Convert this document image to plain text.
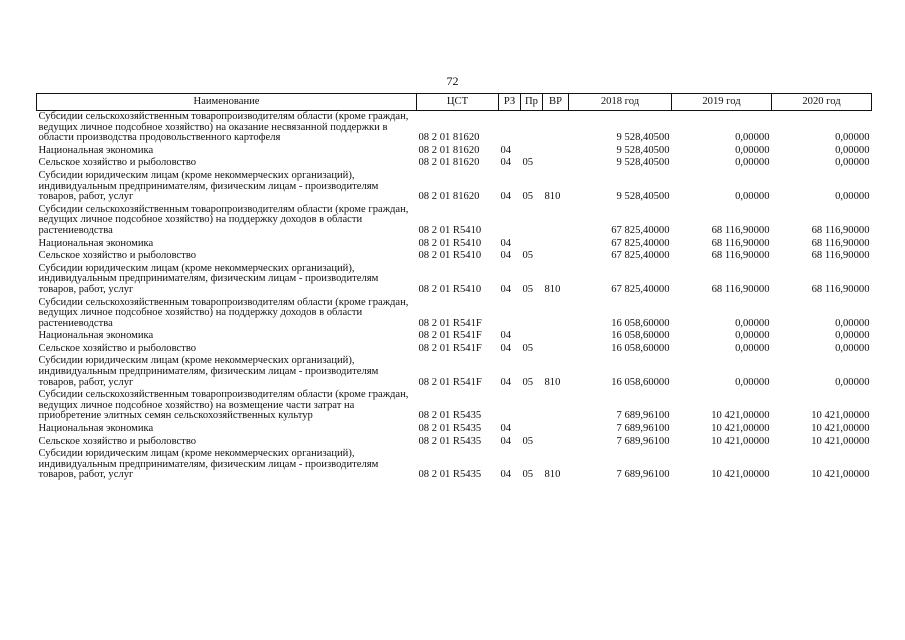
72
Наименование	ЦСТ	РЗ	Пр	ВР	2018 год	2019 год	2020 год
Субсидии сельскохозяйственным товаропроизводителям области (кроме граждан, ведущих личное подсобное хозяйство) на оказание несвязанной поддержки в области производства продовольственного картофеля	08 2 01 81620				9 528,40500	0,00000	0,00000
Национальная экономика	08 2 01 81620	04			9 528,40500	0,00000	0,00000
Сельское хозяйство и рыболовство	08 2 01 81620	04	05		9 528,40500	0,00000	0,00000
Субсидии юридическим лицам (кроме некоммерческих организаций), индивидуальным предпринимателям, физическим лицам - производителям товаров, работ, услуг	08 2 01 81620	04	05	810	9 528,40500	0,00000	0,00000
Субсидии сельскохозяйственным товаропроизводителям области (кроме граждан, ведущих личное подсобное хозяйство) на поддержку доходов в области растениеводства	08 2 01 R5410				67 825,40000	68 116,90000	68 116,90000
Национальная экономика	08 2 01 R5410	04			67 825,40000	68 116,90000	68 116,90000
Сельское хозяйство и рыболовство	08 2 01 R5410	04	05		67 825,40000	68 116,90000	68 116,90000
Субсидии юридическим лицам (кроме некоммерческих организаций), индивидуальным предпринимателям, физическим лицам - производителям товаров, работ, услуг	08 2 01 R5410	04	05	810	67 825,40000	68 116,90000	68 116,90000
Субсидии сельскохозяйственным товаропроизводителям области (кроме граждан, ведущих личное подсобное хозяйство) на поддержку доходов в области растениеводства	08 2 01 R541F				16 058,60000	0,00000	0,00000
Национальная экономика	08 2 01 R541F	04			16 058,60000	0,00000	0,00000
Сельское хозяйство и рыболовство	08 2 01 R541F	04	05		16 058,60000	0,00000	0,00000
Субсидии юридическим лицам (кроме некоммерческих организаций), индивидуальным предпринимателям, физическим лицам - производителям товаров, работ, услуг	08 2 01 R541F	04	05	810	16 058,60000	0,00000	0,00000
Субсидии сельскохозяйственным товаропроизводителям области (кроме граждан, ведущих личное подсобное хозяйство) на возмещение части затрат на приобретение элитных семян сельскохозяйственных культур	08 2 01 R5435				7 689,96100	10 421,00000	10 421,00000
Национальная экономика	08 2 01 R5435	04			7 689,96100	10 421,00000	10 421,00000
Сельское хозяйство и рыболовство	08 2 01 R5435	04	05		7 689,96100	10 421,00000	10 421,00000
Субсидии юридическим лицам (кроме некоммерческих организаций), индивидуальным предпринимателям, физическим лицам - производителям товаров, работ, услуг	08 2 01 R5435	04	05	810	7 689,96100	10 421,00000	10 421,00000
